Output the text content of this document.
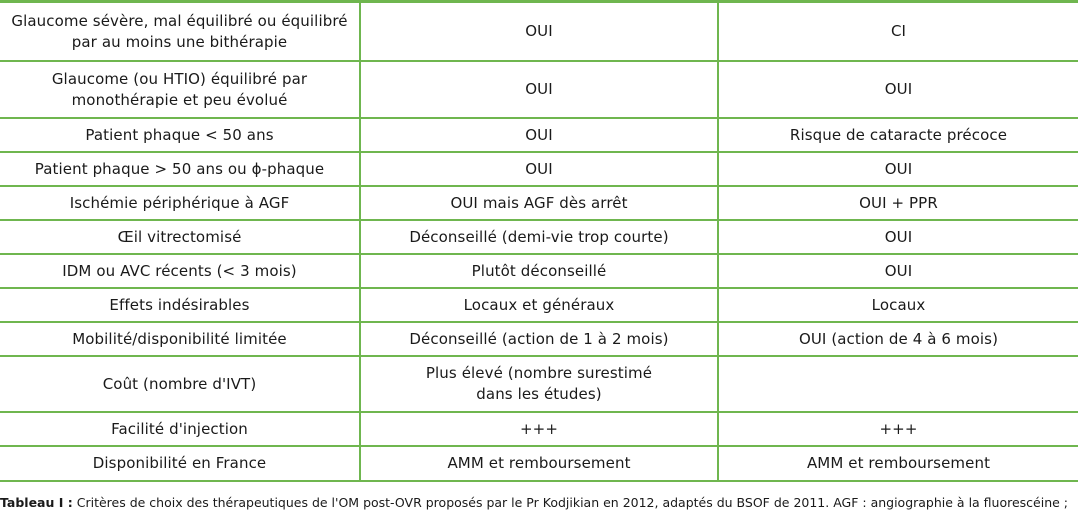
Glaucome sévère, mal équilibré ou équilibré
par au moins une bithérapie	OUI	CI
Glaucome (ou HTIO) équilibré par
monothérapie et peu évolué	OUI	OUI
Patient phaque < 50 ans	OUI	Risque de cataracte précoce
Patient phaque > 50 ans ou ϕ-phaque	OUI	OUI
Ischémie périphérique à AGF	OUI mais AGF dès arrêt	OUI + PPR
Œil vitrectomisé	Déconseillé (demi-vie trop courte)	OUI
IDM ou AVC récents (< 3 mois)	Plutôt déconseillé	OUI
Effets indésirables	Locaux et généraux	Locaux
Mobilité/disponibilité limitée	Déconseillé (action de 1 à 2 mois)	OUI (action de 4 à 6 mois)
Coût (nombre d'IVT)	Plus élevé (nombre surestimé
dans les études)	
Facilité d'injection	+++	+++
Disponibilité en France	AMM et remboursement	AMM et remboursement
Tableau I : Critères de choix des thérapeutiques de l'OM post-OVR proposés par le Pr Kodjikian en 2012, adaptés du BSOF de 2011. AGF : angiographie à la fluorescéine ;
